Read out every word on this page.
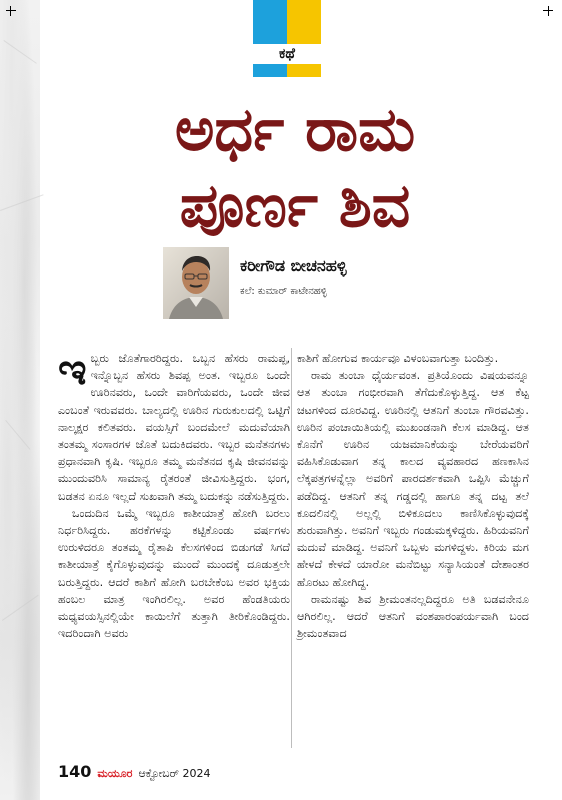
ಕಥೆ
ಅರ್ಧ ರಾಮ
ಪೂರ್ಣ ಶಿವ
ಕರೀಗೌಡ ಬೀಚನಹಳ್ಳಿ
ಕಲೆ: ಕುಮಾರ್ ಕಾಟೇನಹಳ್ಳಿ

ಇಬ್ಬರು ಜೊತೆಗಾರರಿದ್ದರು. ಒಬ್ಬನ ಹೆಸರು ರಾಮಪ್ಪ, ಇನ್ನೊಬ್ಬನ ಹೆಸರು ಶಿವಪ್ಪ ಅಂತ. ಇಬ್ಬರೂ ಒಂದೇ ಊರಿನವರು, ಒಂದೇ ವಾರಿಗೆಯವರು, ಒಂದೇ ಜೀವ ಎಂಬಂತೆ ಇರುವವರು. ಬಾಲ್ಯದಲ್ಲಿ ಊರಿನ ಗುರುಕುಲದಲ್ಲಿ ಒಟ್ಟಿಗೆ ನಾಲ್ಕಕ್ಷರ ಕಲಿತವರು. ವಯಸ್ಸಿಗೆ ಬಂದಮೇಲೆ ಮದುವೆಯಾಗಿ ತಂತಮ್ಮ ಸಂಸಾರಗಳ ಜೊತೆ ಬದುಕಿದವರು. ಇಬ್ಬರ ಮನೆತನಗಳು ಪ್ರಧಾನವಾಗಿ ಕೃಷಿ. ಇಬ್ಬರೂ ತಮ್ಮ ಮನೆತನದ ಕೃಷಿ ಜೀವನವನ್ನು ಮುಂದುವರಿಸಿ ಸಾಮಾನ್ಯ ರೈತರಂತೆ ಜೀವಿಸುತ್ತಿದ್ದರು. ಭಂಗ, ಬಡತನ ಏನೂ ಇಲ್ಲದೆ ಸುಖವಾಗಿ ತಮ್ಮ ಬದುಕನ್ನು ನಡೆಸುತ್ತಿದ್ದರು.

ಒಂದುದಿನ ಒಮ್ಮೆ ಇಬ್ಬರೂ ಕಾಶೀಯಾತ್ರೆ ಹೋಗಿ ಬರಲು ನಿರ್ಧರಿಸಿದ್ದರು. ಹರಕೆಗಳನ್ನು ಕಟ್ಟಿಕೊಂಡು ವರ್ಷಗಳು ಉರುಳಿದರೂ ತಂತಮ್ಮ ರೈತಾಪಿ ಕೆಲಸಗಳಿಂದ ಬಿಡುಗಡೆ ಸಿಗದೆ ಕಾಶೀಯಾತ್ರೆ ಕೈಗೊಳ್ಳುವುದನ್ನು ಮುಂದೆ ಮುಂದಕ್ಕೆ ದೂಡುತ್ತಲೇ ಬರುತ್ತಿದ್ದರು. ಆದರೆ ಕಾಶಿಗೆ ಹೋಗಿ ಬರಬೇಕೆಂಬ ಅವರ ಭಕ್ತಿಯ ಹಂಬಲ ಮಾತ್ರ ಇಂಗಿರಲಿಲ್ಲ. ಅವರ ಹೆಂಡತಿಯರು ಮಧ್ಯವಯಸ್ಸಿನಲ್ಲಿಯೇ ಕಾಯಿಲೆಗೆ ತುತ್ತಾಗಿ ತೀರಿಕೊಂಡಿದ್ದರು. ಇದರಿಂದಾಗಿ ಅವರು

ಕಾಶಿಗೆ ಹೋಗುವ ಕಾರ್ಯವೂ ವಿಳಂಬವಾಗುತ್ತಾ ಬಂದಿತ್ತು.

ರಾಮ ತುಂಬಾ ಧೈರ್ಯವಂತ. ಪ್ರತಿಯೊಂದು ವಿಷಯವನ್ನೂ ಆತ ತುಂಬಾ ಗಂಭೀರವಾಗಿ ತೆಗೆದುಕೊಳ್ಳುತ್ತಿದ್ದ. ಆತ ಕೆಟ್ಟ ಚಟಗಳಿಂದ ದೂರವಿದ್ದ. ಊರಿನಲ್ಲಿ ಆತನಿಗೆ ತುಂಬಾ ಗೌರವವಿತ್ತು. ಊರಿನ ಪಂಚಾಯಿತಿಯಲ್ಲಿ ಮುಖಂಡನಾಗಿ ಕೆಲಸ ಮಾಡಿದ್ದ. ಆತ ಕೊನೆಗೆ ಊರಿನ ಯಜಮಾನಿಕೆಯನ್ನು ಬೇರೆಯವರಿಗೆ ವಹಿಸಿಕೊಡುವಾಗ ತನ್ನ ಕಾಲದ ವ್ಯವಹಾರದ ಹಣಕಾಸಿನ ಲೆಕ್ಕಪತ್ರಗಳನ್ನೆಲ್ಲಾ ಅವರಿಗೆ ಪಾರದರ್ಶಕವಾಗಿ ಒಪ್ಪಿಸಿ ಮೆಚ್ಚುಗೆ ಪಡೆದಿದ್ದ. ಆತನಿಗೆ ತನ್ನ ಗಡ್ಡದಲ್ಲಿ ಹಾಗೂ ತನ್ನ ದಟ್ಟ ತಲೆ ಕೂದಲಿನಲ್ಲಿ ಅಲ್ಲಲ್ಲಿ ಬಿಳಿಕೂದಲು ಕಾಣಿಸಿಕೊಳ್ಳುವುದಕ್ಕೆ ಶುರುವಾಗಿತ್ತು. ಅವನಿಗೆ ಇಬ್ಬರು ಗಂಡುಮಕ್ಕಳಿದ್ದರು. ಹಿರಿಯವನಿಗೆ ಮದುವೆ ಮಾಡಿದ್ದ. ಅವನಿಗೆ ಒಬ್ಬಳು ಮಗಳಿದ್ದಳು. ಕಿರಿಯ ಮಗ ಹೇಳದೆ ಕೇಳದೆ ಯಾರೋ ಮನೆಬಿಟ್ಟು ಸನ್ಯಾಸಿಯಂತೆ ದೇಶಾಂತರ ಹೊರಟು ಹೋಗಿದ್ದ.

ರಾಮನಷ್ಟು ಶಿವ ಶ್ರೀಮಂತನಲ್ಲದಿದ್ದರೂ ಅತಿ ಬಡವನೇನೂ ಆಗಿರಲಿಲ್ಲ. ಆದರೆ ಆತನಿಗೆ ವಂಶಪಾರಂಪರ್ಯವಾಗಿ ಬಂದ ಶ್ರೀಮಂತವಾದ

140 ಮಯೂರ ಆಕ್ಟೋಬರ್ 2024
